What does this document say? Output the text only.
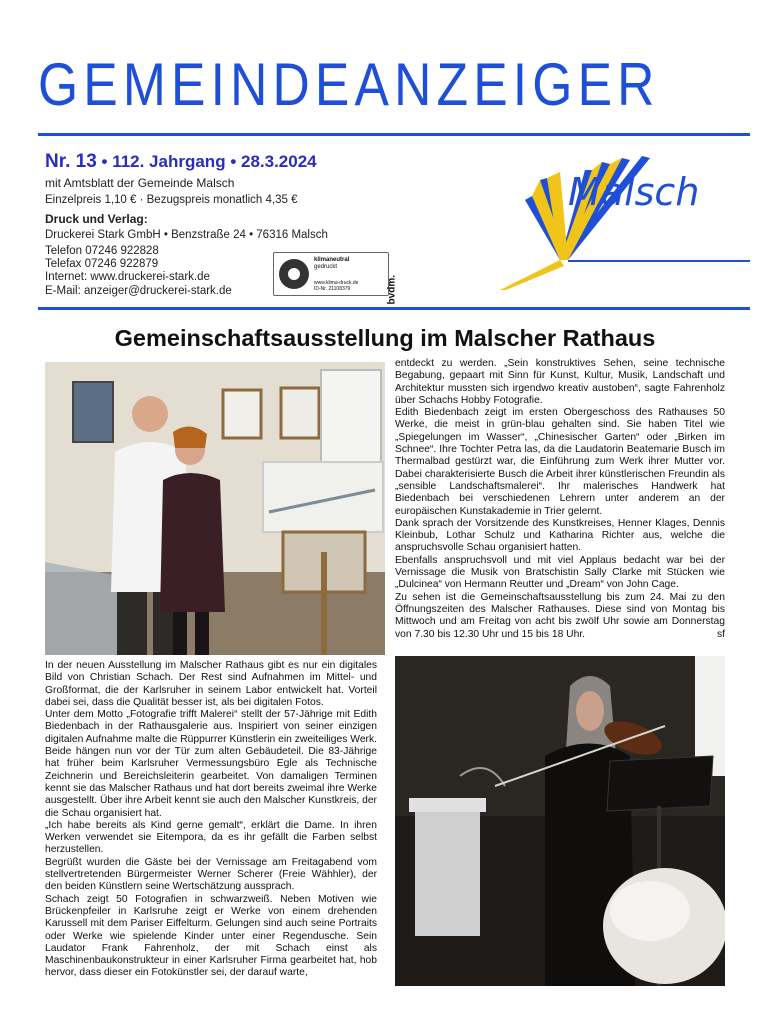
GEMEINDEANZEIGER
Nr. 13 • 112. Jahrgang • 28.3.2024
mit Amtsblatt der Gemeinde Malsch
Einzelpreis 1,10 € · Bezugspreis monatlich 4,35 €
Druck und Verlag:
Druckerei Stark GmbH • Benzstraße 24 • 76316 Malsch
Telefon 07246 922828
Telefax 07246 922879
Internet: www.druckerei-stark.de
E-Mail: anzeiger@druckerei-stark.de
klimaneutral
gedruckt
www.klima-druck.de
ID-Nr. 21108379	bvdm.
Malsch
Gemeinschaftsausstellung im Malscher Rathaus

entdeckt zu werden. „Sein konstruktives Sehen, seine technische Begabung, gepaart mit Sinn für Kunst, Kultur, Musik, Landschaft und Architektur mussten sich irgendwo kreativ austoben“, sagte Fahrenholz über Schachs Hobby Fotografie.

Edith Biedenbach zeigt im ersten Obergeschoss des Rathauses 50 Werke, die meist in grün-blau gehalten sind. Sie haben Titel wie „Spiegelungen im Wasser“, „Chinesischer Garten“ oder „Birken im Schnee“. Ihre Tochter Petra las, da die Laudatorin Beatemarie Busch im Thermalbad gestürzt war, die Einführung zum Werk ihrer Mutter vor. Dabei charakterisierte Busch die Arbeit ihrer künstlerischen Freundin als „sensible Landschaftsmalerei“. Ihr malerisches Handwerk hat Biedenbach bei verschiedenen Lehrern unter anderem an der europäischen Kunstakademie in Trier gelernt.

Dank sprach der Vorsitzende des Kunstkreises, Henner Klages, Dennis Kleinbub, Lothar Schulz und Katharina Richter aus, welche die anspruchsvolle Schau organisiert hatten.

Ebenfalls anspruchsvoll und mit viel Applaus bedacht war bei der Vernissage die Musik von Bratschistin Sally Clarke mit Stücken wie „Dulcinea“ von Hermann Reutter und „Dream“ von John Cage.

Zu sehen ist die Gemeinschaftsausstellung bis zum 24. Mai zu den Öffnungszeiten des Malscher Rathauses. Diese sind von Montag bis Mittwoch und am Freitag von acht bis zwölf Uhr sowie am Donnerstag von 7.30 bis 12.30 Uhr und 15 bis 18 Uhr.	sf

In der neuen Ausstellung im Malscher Rathaus gibt es nur ein digitales Bild von Christian Schach. Der Rest sind Aufnahmen im Mittel- und Großformat, die der Karlsruher in seinem Labor entwickelt hat. Vorteil dabei sei, dass die Qualität besser ist, als bei digitalen Fotos.

Unter dem Motto „Fotografie trifft Malerei“ stellt der 57-Jährige mit Edith Biedenbach in der Rathausgalerie aus. Inspiriert von seiner einzigen digitalen Aufnahme malte die Rüppurrer Künstlerin ein zweiteiliges Werk. Beide hängen nun vor der Tür zum alten Gebäudeteil. Die 83-Jährige hat früher beim Karlsruher Vermessungsbüro Egle als Technische Zeichnerin und Bereichsleiterin gearbeitet. Von damaligen Terminen kennt sie das Malscher Rathaus und hat dort bereits zweimal ihre Werke ausgestellt. Über ihre Arbeit kennt sie auch den Malscher Kunstkreis, der die Schau organisiert hat.

„Ich habe bereits als Kind gerne gemalt“, erklärt die Dame. In ihren Werken verwendet sie Eitempora, da es ihr gefällt die Farben selbst herzustellen.

Begrüßt wurden die Gäste bei der Vernissage am Freitagabend vom stellvertretenden Bürgermeister Werner Scherer (Freie Wähhler), der den beiden Künstlern seine Wertschätzung aussprach.

Schach zeigt 50 Fotografien in schwarzweiß. Neben Motiven wie Brückenpfeiler in Karlsruhe zeigt er Werke von einem drehenden Karussell mit dem Pariser Eiffelturm. Gelungen sind auch seine Portraits oder Werke wie spielende Kinder unter einer Regendusche. Sein Laudator Frank Fahrenholz, der mit Schach einst als Maschinenbaukonstrukteur in einer Karlsruher Firma gearbeitet hat, hob hervor, dass dieser ein Fotokünstler sei, der darauf warte,
